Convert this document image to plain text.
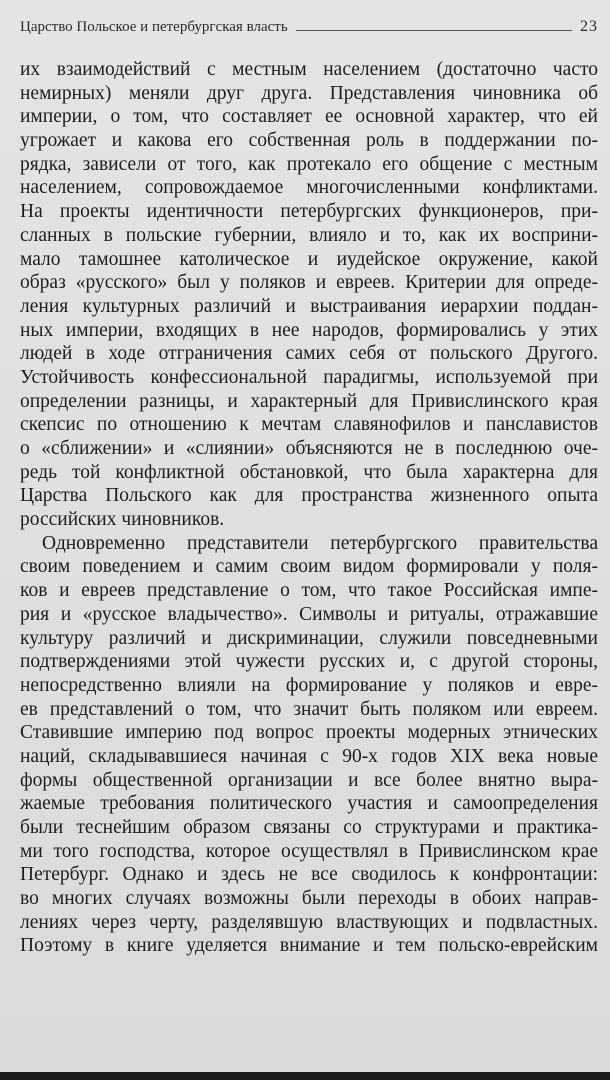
Царство Польское и петербургская власть	23
их взаимодействий с местным населением (достаточно часто
немирных) меняли друг друга. Представления чиновника об
империи, о том, что составляет ее основной характер, что ей
угрожает и какова его собственная роль в поддержании по-
рядка, зависели от того, как протекало его общение с местным
населением, сопровождаемое многочисленными конфликтами.
На проекты идентичности петербургских функционеров, при-
сланных в польские губернии, влияло и то, как их восприни-
мало тамошнее католическое и иудейское окружение, какой
образ «русского» был у поляков и евреев. Критерии для опреде-
ления культурных различий и выстраивания иерархии поддан-
ных империи, входящих в нее народов, формировались у этих
людей в ходе отграничения самих себя от польского Другого.
Устойчивость конфессиональной парадигмы, используемой при
определении разницы, и характерный для Привислинского края
скепсис по отношению к мечтам славянофилов и панславистов
о «сближении» и «слиянии» объясняются не в последнюю оче-
редь той конфликтной обстановкой, что была характерна для
Царства Польского как для пространства жизненного опыта
российских чиновников.
Одновременно представители петербургского правительства
своим поведением и самим своим видом формировали у поля-
ков и евреев представление о том, что такое Российская импе-
рия и «русское владычество». Символы и ритуалы, отражавшие
культуру различий и дискриминации, служили повседневными
подтверждениями этой чужести русских и, с другой стороны,
непосредственно влияли на формирование у поляков и евре-
ев представлений о том, что значит быть поляком или евреем.
Ставившие империю под вопрос проекты модерных этнических
наций, складывавшиеся начиная с 90-х годов XIX века новые
формы общественной организации и все более внятно выра-
жаемые требования политического участия и самоопределения
были теснейшим образом связаны со структурами и практика-
ми того господства, которое осуществлял в Привислинском крае
Петербург. Однако и здесь не все сводилось к конфронтации:
во многих случаях возможны были переходы в обоих направ-
лениях через черту, разделявшую властвующих и подвластных.
Поэтому в книге уделяется внимание и тем польско-еврейским
